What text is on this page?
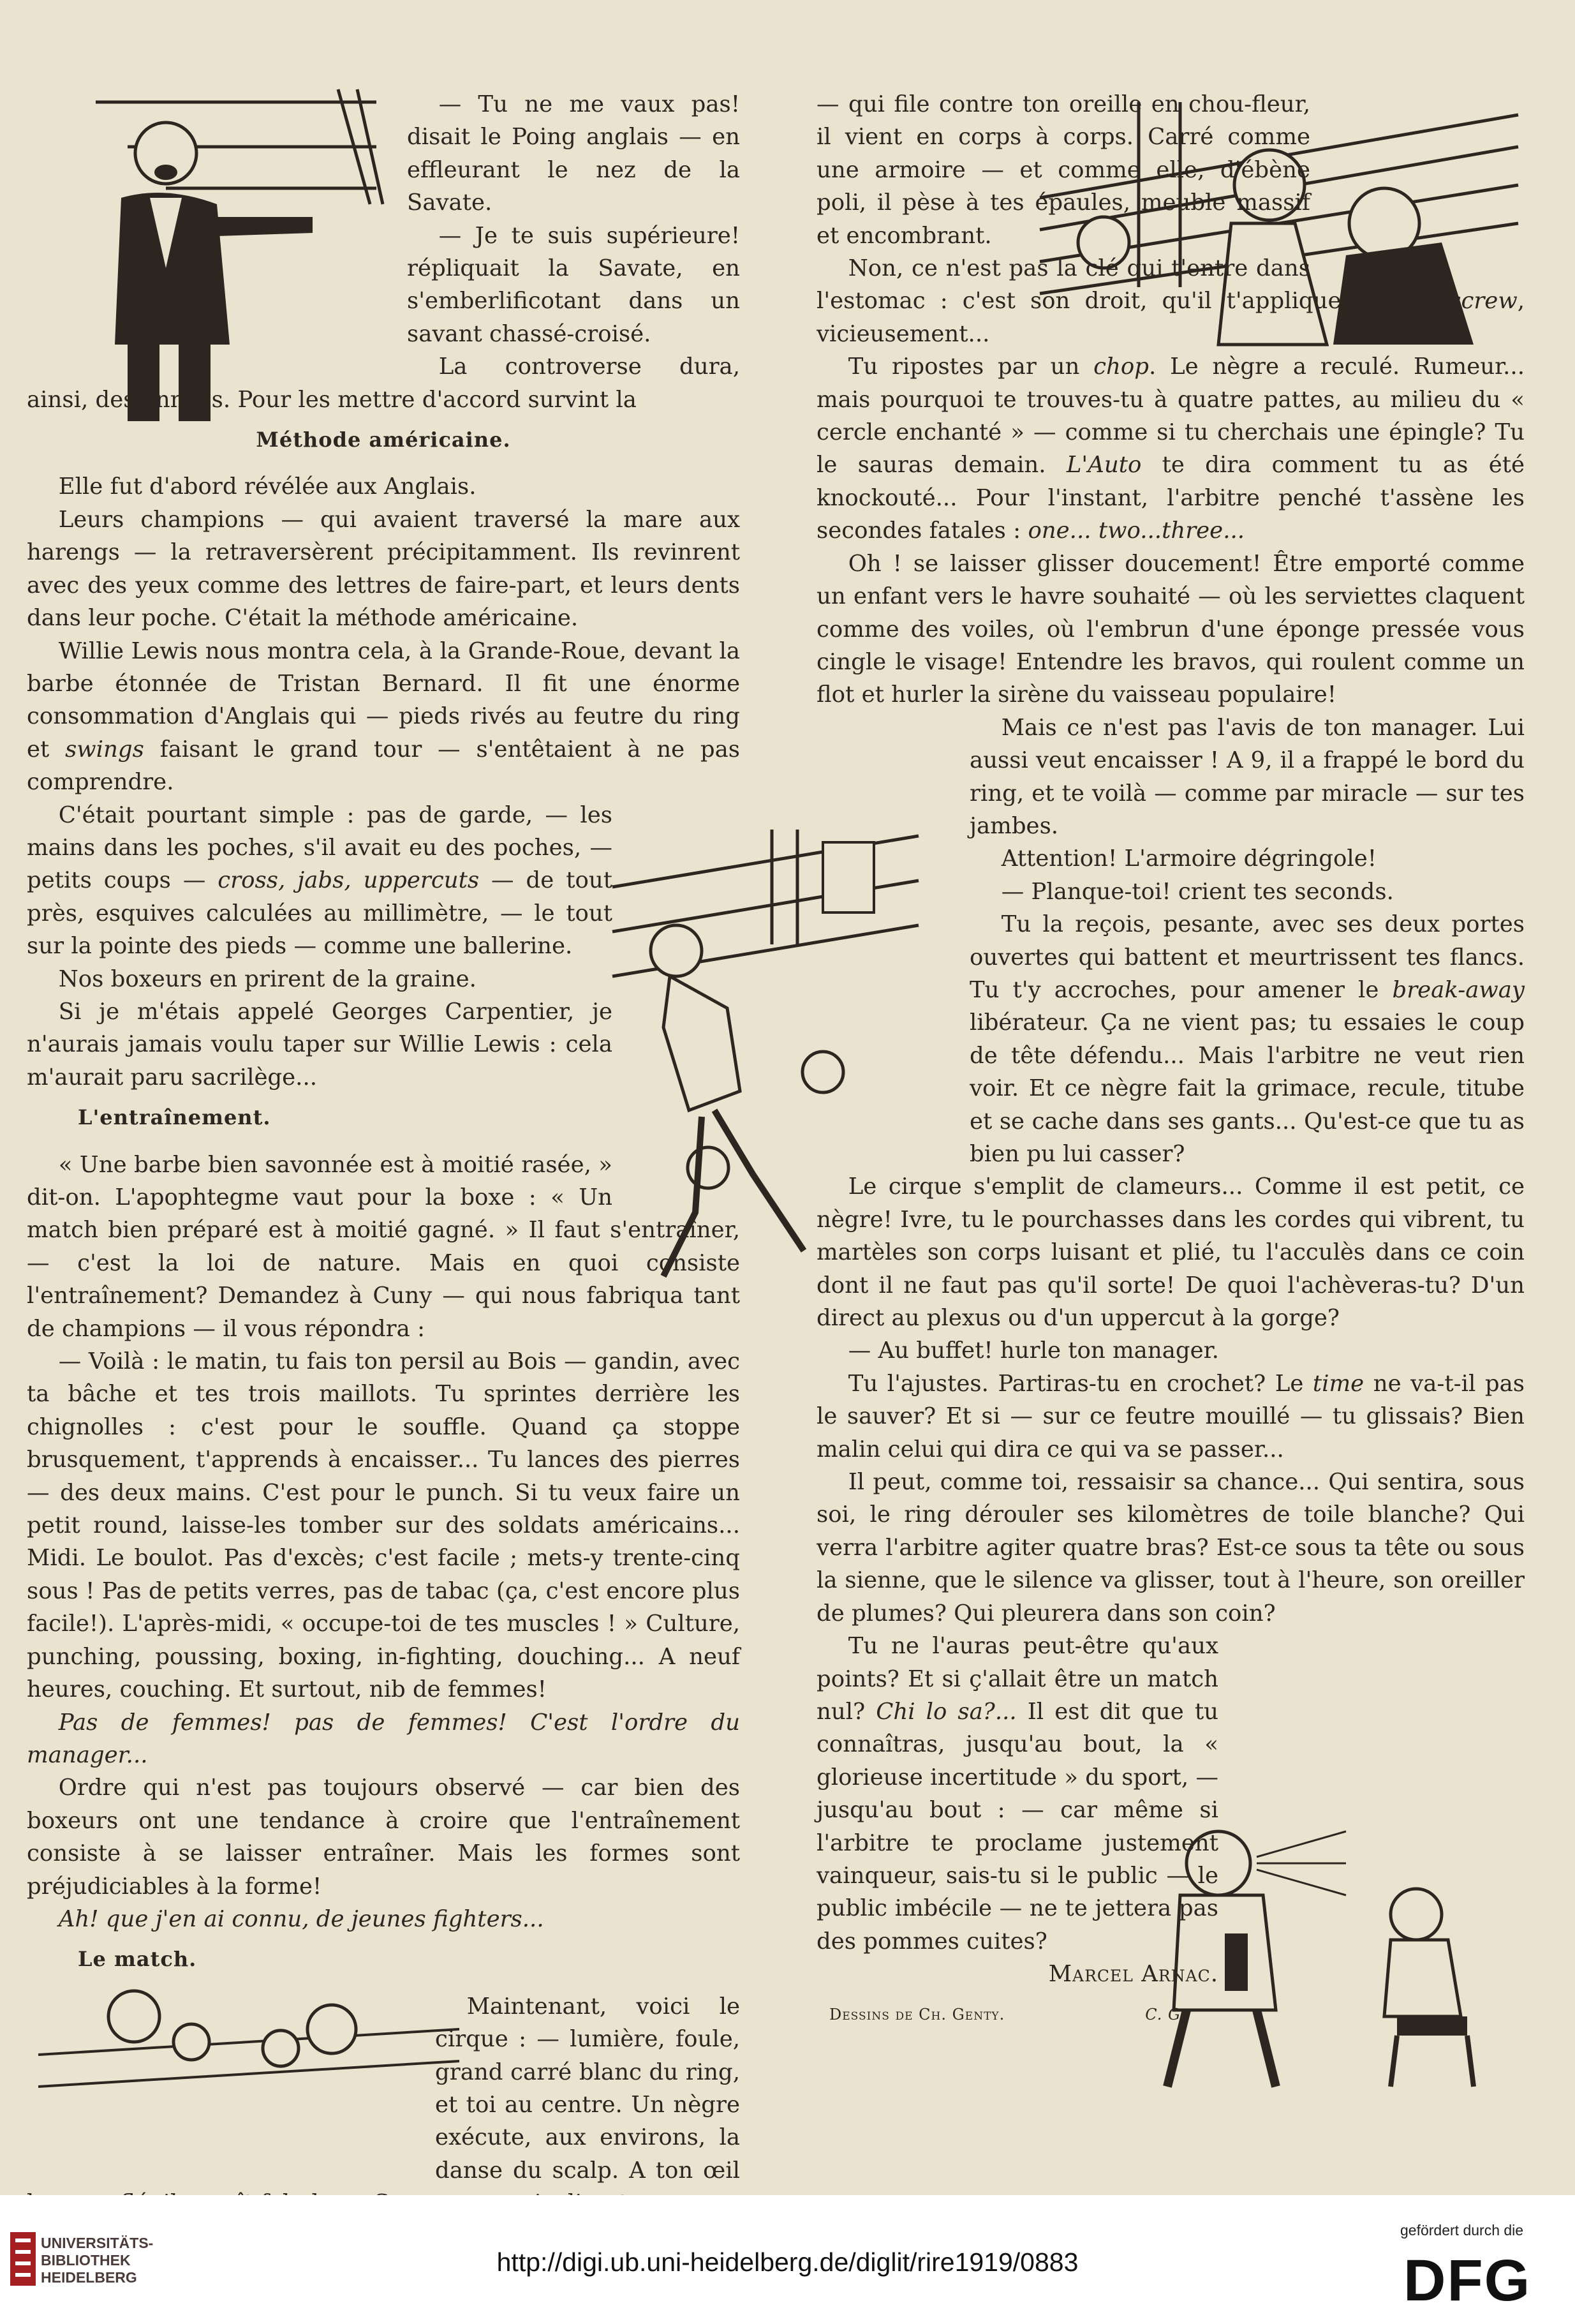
— Tu ne me vaux pas! disait le Poing anglais — en effleurant le nez de la Savate.

— Je te suis supérieure! répliquait la Savate, en s'emberlificotant dans un savant chassé-croisé.

La controverse dura, ainsi, des années. Pour les mettre d'accord survint la

Méthode américaine.

Elle fut d'abord révélée aux Anglais.

Leurs champions — qui avaient traversé la mare aux harengs — la retraversèrent précipitamment. Ils revinrent avec des yeux comme des lettres de faire-part, et leurs dents dans leur poche. C'était la méthode américaine.

Willie Lewis nous montra cela, à la Grande-Roue, devant la barbe étonnée de Tristan Bernard. Il fit une énorme consommation d'Anglais qui — pieds rivés au feutre du ring et swings faisant le grand tour — s'entêtaient à ne pas comprendre.

C'était pourtant simple : pas de garde, — les mains dans les poches, s'il avait eu des poches, — petits coups — cross, jabs, uppercuts — de tout près, esquives calculées au millimètre, — le tout sur la pointe des pieds — comme une ballerine.

Nos boxeurs en prirent de la graine.

Si je m'étais appelé Georges Carpentier, je n'aurais jamais voulu taper sur Willie Lewis : cela m'aurait paru sacrilège...

L'entraînement.

« Une barbe bien savonnée est à moitié rasée, » dit-on. L'apophtegme vaut pour la boxe : « Un match bien préparé est à moitié gagné. » Il faut s'entraîner, — c'est la loi de nature. Mais en quoi consiste l'entraînement? Demandez à Cuny — qui nous fabriqua tant de champions — il vous répondra :

— Voilà : le matin, tu fais ton persil au Bois — gandin, avec ta bâche et tes trois maillots. Tu sprintes derrière les chignolles : c'est pour le souffle. Quand ça stoppe brusquement, t'apprends à encaisser... Tu lances des pierres — des deux mains. C'est pour le punch. Si tu veux faire un petit round, laisse-les tomber sur des soldats américains... Midi. Le boulot. Pas d'excès; c'est facile ; mets-y trente-cinq sous ! Pas de petits verres, pas de tabac (ça, c'est encore plus facile!). L'après-midi, « occupe-toi de tes muscles ! » Culture, punching, poussing, boxing, in-fighting, douching... A neuf heures, couching. Et surtout, nib de femmes!

Pas de femmes! pas de femmes! C'est l'ordre du manager...

Ordre qui n'est pas toujours observé — car bien des boxeurs ont une tendance à croire que l'entraînement consiste à se laisser entraîner. Mais les formes sont préjudiciables à la forme!

Ah! que j'en ai connu, de jeunes fighters...

Le match.

Maintenant, voici le cirque : — lumière, foule, grand carré blanc du ring, et toi au centre. Un nègre exécute, aux environs, la danse du scalp. A ton œil

— qui file contre ton oreille en chou-fleur, il vient en corps à corps. Carré comme une armoire — et comme elle, d'ébène poli, il pèse à tes épaules, meuble massif et encombrant.

Non, ce n'est pas la clé qui t'entre dans l'estomac : c'est son droit, qu'il t'applique en corkscrew, vicieusement...

Tu ripostes par un chop. Le nègre a reculé. Rumeur... mais pourquoi te trouves-tu à quatre pattes, au milieu du « cercle enchanté » — comme si tu cherchais une épingle? Tu le sauras demain. L'Auto te dira comment tu as été knockouté... Pour l'instant, l'arbitre penché t'assène les secondes fatales : one... two...three...

Oh ! se laisser glisser doucement! Être emporté comme un enfant vers le havre souhaité — où les serviettes claquent comme des voiles, où l'embrun d'une éponge pressée vous cingle le visage! Entendre les bravos, qui roulent comme un flot et hurler la sirène du vaisseau populaire!

Mais ce n'est pas l'avis de ton manager. Lui aussi veut encaisser ! A 9, il a frappé le bord du ring, et te voilà — comme par miracle — sur tes jambes.

Attention! L'armoire dégringole!

— Planque-toi! crient tes seconds.

Tu la reçois, pesante, avec ses deux portes ouvertes qui battent et meurtrissent tes flancs. Tu t'y accroches, pour amener le break-away libérateur. Ça ne vient pas; tu essaies le coup de tête défendu... Mais l'arbitre ne veut rien voir. Et ce nègre fait la grimace, recule, titube et se cache dans ses gants... Qu'est-ce que tu as bien pu lui casser?

Le cirque s'emplit de clameurs... Comme il est petit, ce nègre! Ivre, tu le pourchasses dans les cordes qui vibrent, tu martèles son corps luisant et plié, tu l'acculès dans ce coin dont il ne faut pas qu'il sorte! De quoi l'achèveras-tu? D'un direct au plexus ou d'un uppercut à la gorge?

— Au buffet! hurle ton manager.

Tu l'ajustes. Partiras-tu en crochet? Le time ne va-t-il pas le sauver? Et si — sur ce feutre mouillé — tu glissais? Bien malin celui qui dira ce qui va se passer...

Il peut, comme toi, ressaisir sa chance... Qui sentira, sous soi, le ring dérouler ses kilomètres de toile blanche? Qui verra l'arbitre agiter quatre bras? Est-ce sous ta tête ou sous la sienne, que le silence va glisser, tout à l'heure, son oreiller de plumes? Qui pleurera dans son coin?

Tu ne l'auras peut-être qu'aux points? Et si ç'allait être un match nul? Chi lo sa?... Il est dit que tu connaîtras, jusqu'au bout, la « glorieuse incertitude » du sport, — jusqu'au bout : — car même si l'arbitre te proclame justement vainqueur, sais-tu si le public — le public imbécile — ne te jettera pas des pommes cuites?

Marcel Arnac.
Dessins de Ch. Genty.	C. G.
UNIVERSITÄTS-
BIBLIOTHEK
HEIDELBERG
http://digi.ub.uni-heidelberg.de/diglit/rire1919/0883
gefördert durch die
DFG
